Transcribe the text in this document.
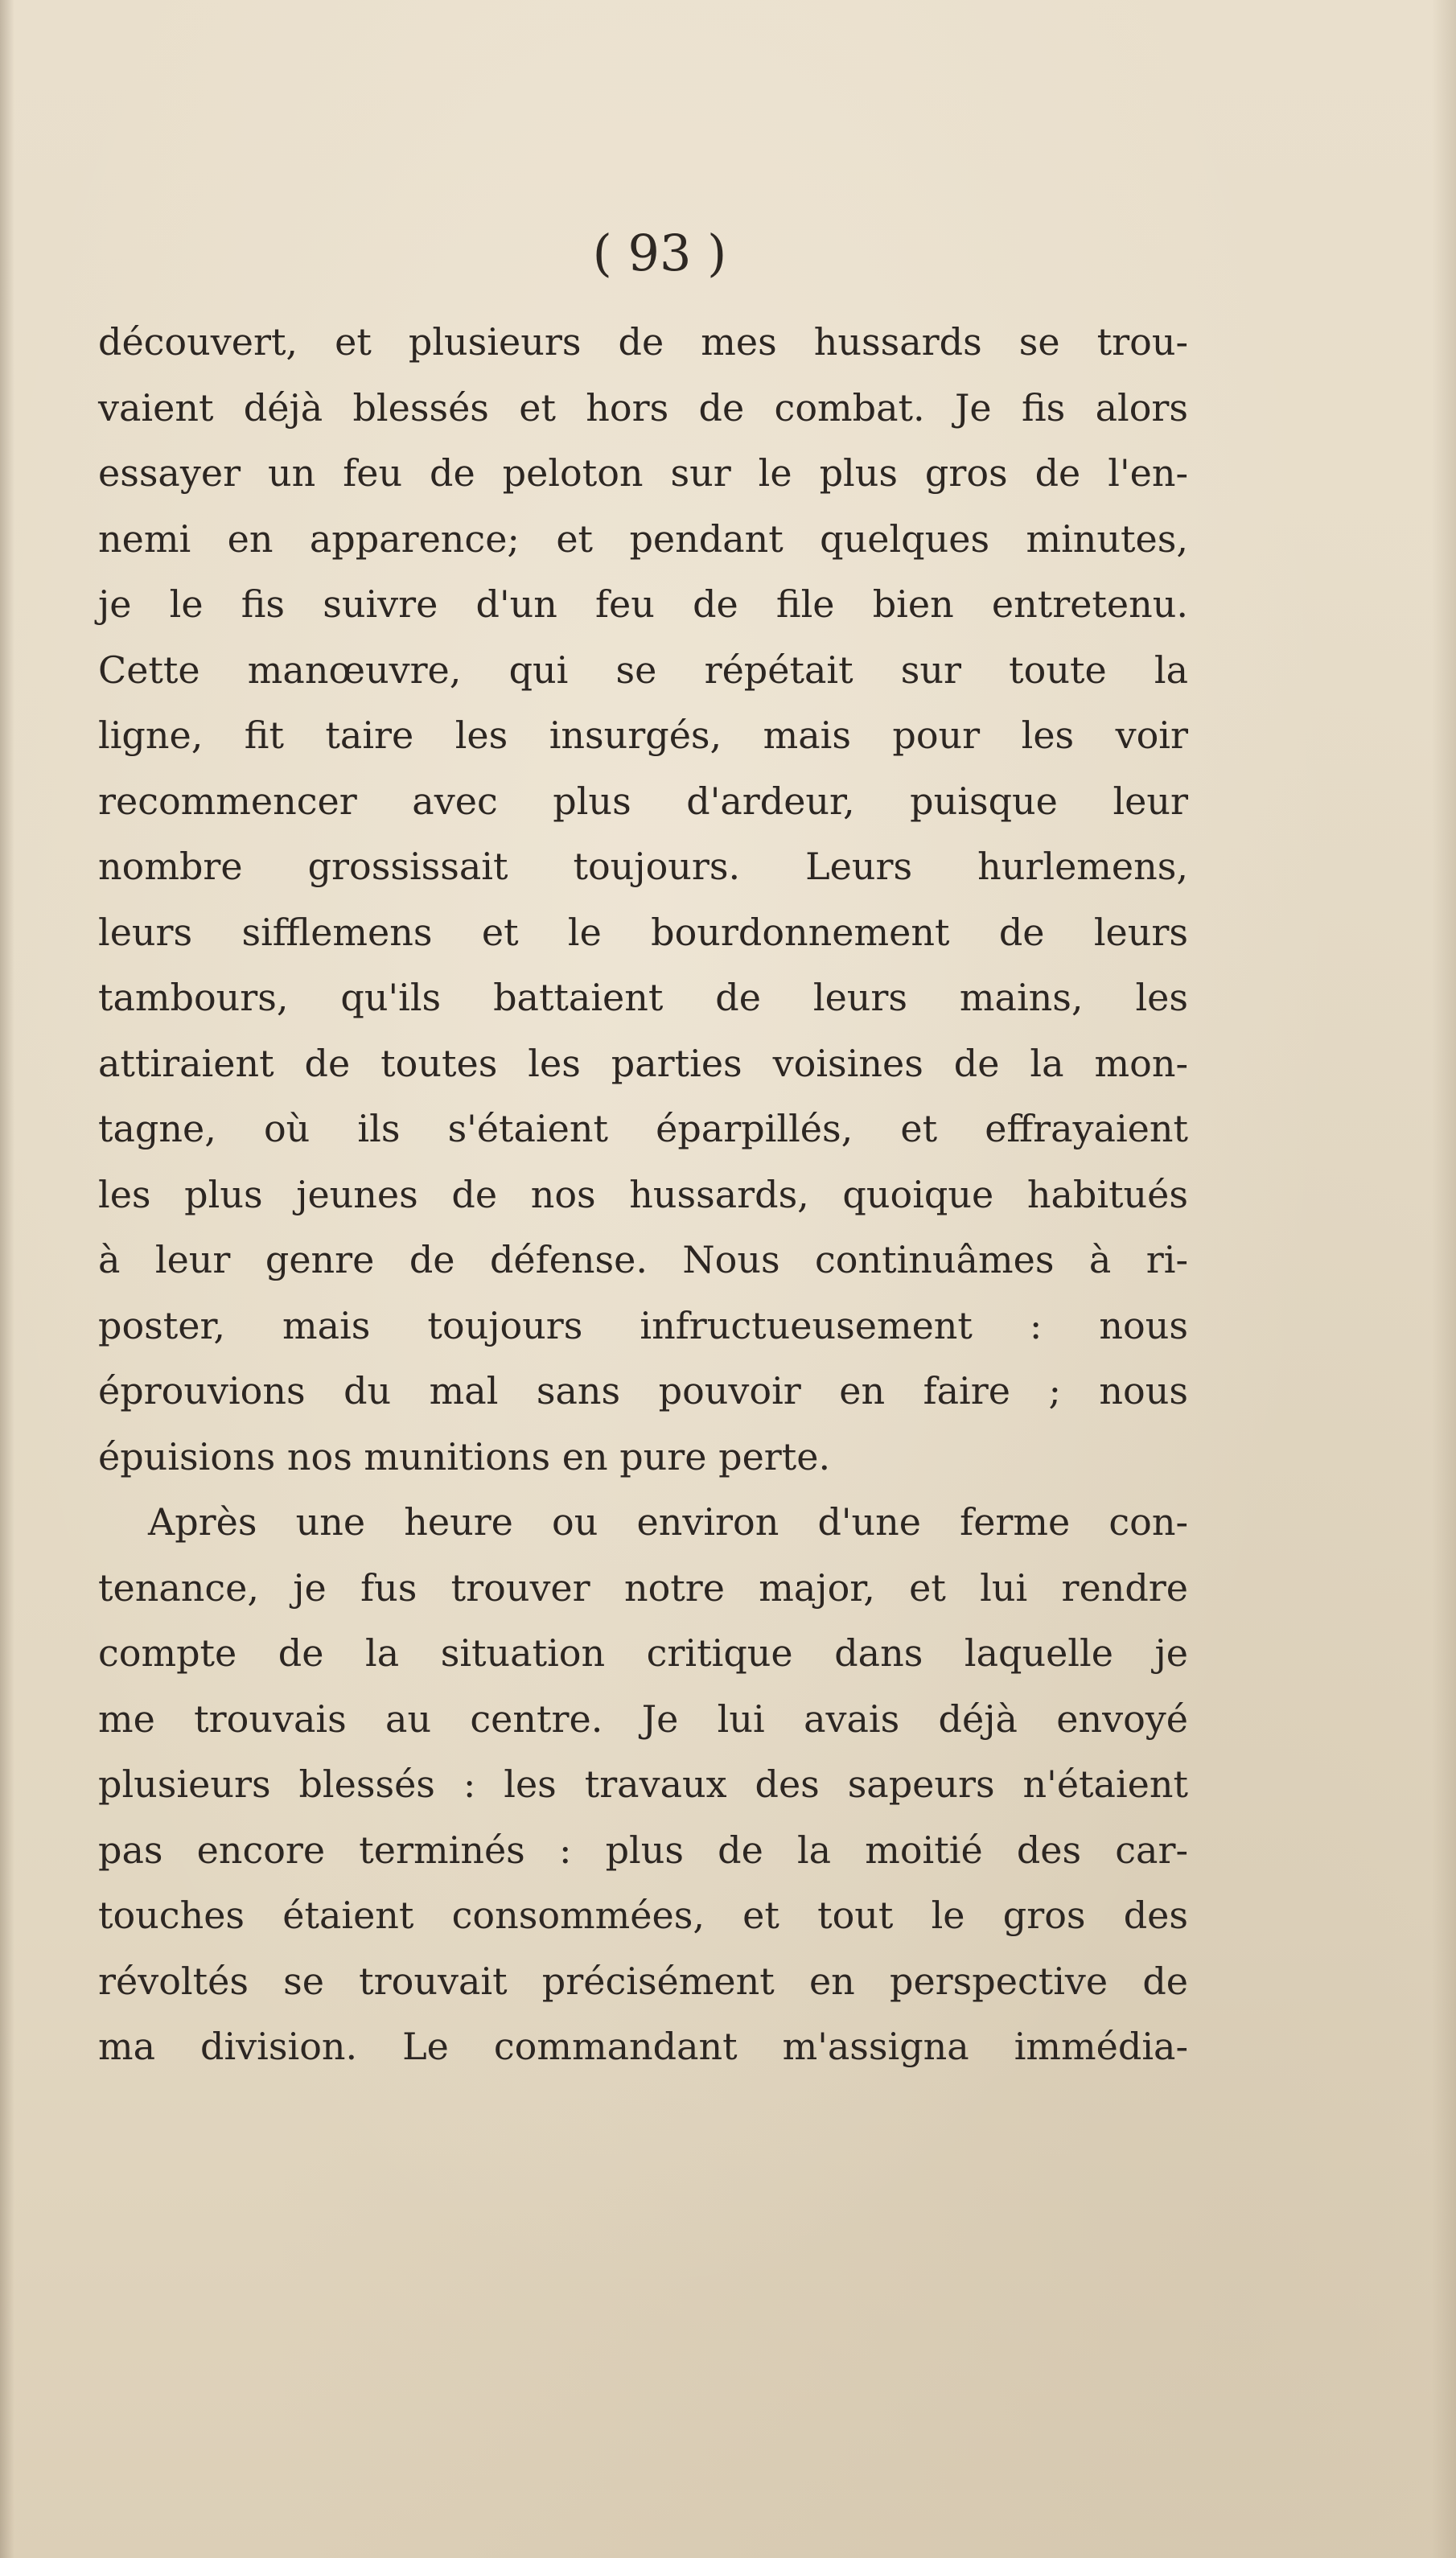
( 93 )
découvert, et plusieurs de mes hussards se trou-
vaient déjà blessés et hors de combat. Je fis alors
essayer un feu de peloton sur le plus gros de l'en-
nemi en apparence; et pendant quelques minutes,
je le fis suivre d'un feu de file bien entretenu.
Cette manœuvre, qui se répétait sur toute la
ligne, fit taire les insurgés, mais pour les voir
recommencer avec plus d'ardeur, puisque leur
nombre grossissait toujours. Leurs hurlemens,
leurs sifflemens et le bourdonnement de leurs
tambours, qu'ils battaient de leurs mains, les
attiraient de toutes les parties voisines de la mon-
tagne, où ils s'étaient éparpillés, et effrayaient
les plus jeunes de nos hussards, quoique habitués
à leur genre de défense. Nous continuâmes à ri-
poster, mais toujours infructueusement : nous
éprouvions du mal sans pouvoir en faire ; nous
épuisions nos munitions en pure perte.
Après une heure ou environ d'une ferme con-
tenance, je fus trouver notre major, et lui rendre
compte de la situation critique dans laquelle je
me trouvais au centre. Je lui avais déjà envoyé
plusieurs blessés : les travaux des sapeurs n'étaient
pas encore terminés : plus de la moitié des car-
touches étaient consommées, et tout le gros des
révoltés se trouvait précisément en perspective de
ma division. Le commandant m'assigna immédia-
